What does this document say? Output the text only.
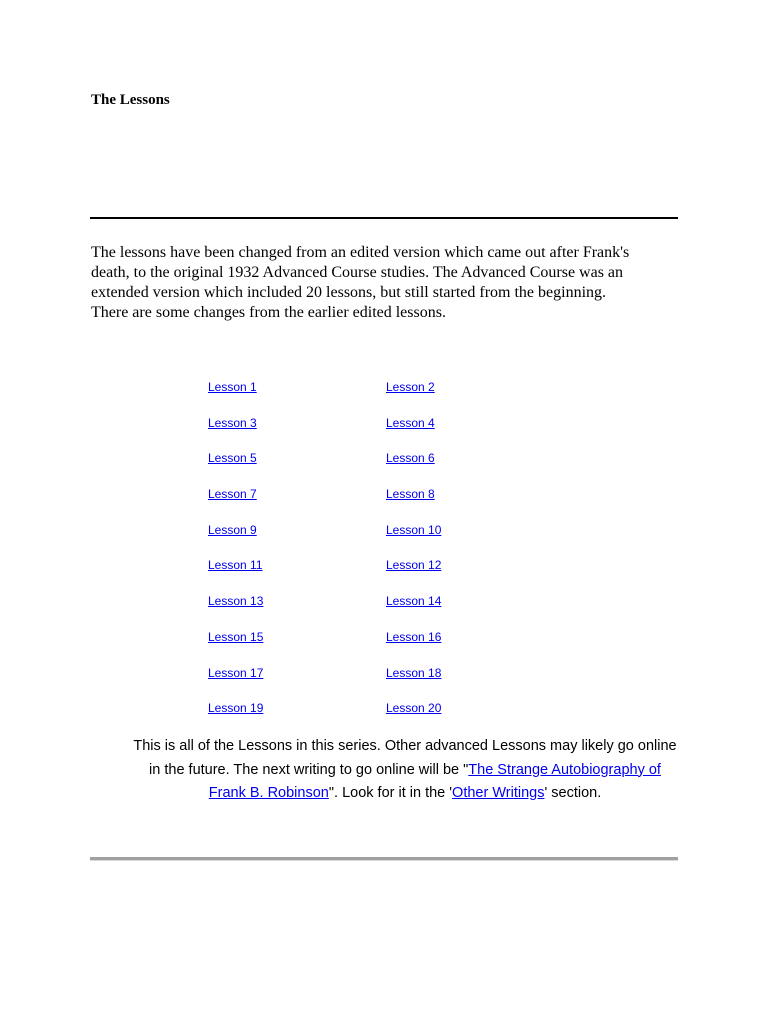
The Lessons

The lessons have been changed from an edited version which came out after Frank's
death, to the original 1932 Advanced Course studies. The Advanced Course was an
extended version which included 20 lessons, but still started from the beginning.
There are some changes from the earlier edited lessons.

Lesson 1	Lesson 2
Lesson 3	Lesson 4
Lesson 5	Lesson 6
Lesson 7	Lesson 8
Lesson 9	Lesson 10
Lesson 11	Lesson 12
Lesson 13	Lesson 14
Lesson 15	Lesson 16
Lesson 17	Lesson 18
Lesson 19	Lesson 20

This is all of the Lessons in this series. Other advanced Lessons may likely go online in the future. The next writing to go online will be "The Strange Autobiography of Frank B. Robinson". Look for it in the 'Other Writings' section.
